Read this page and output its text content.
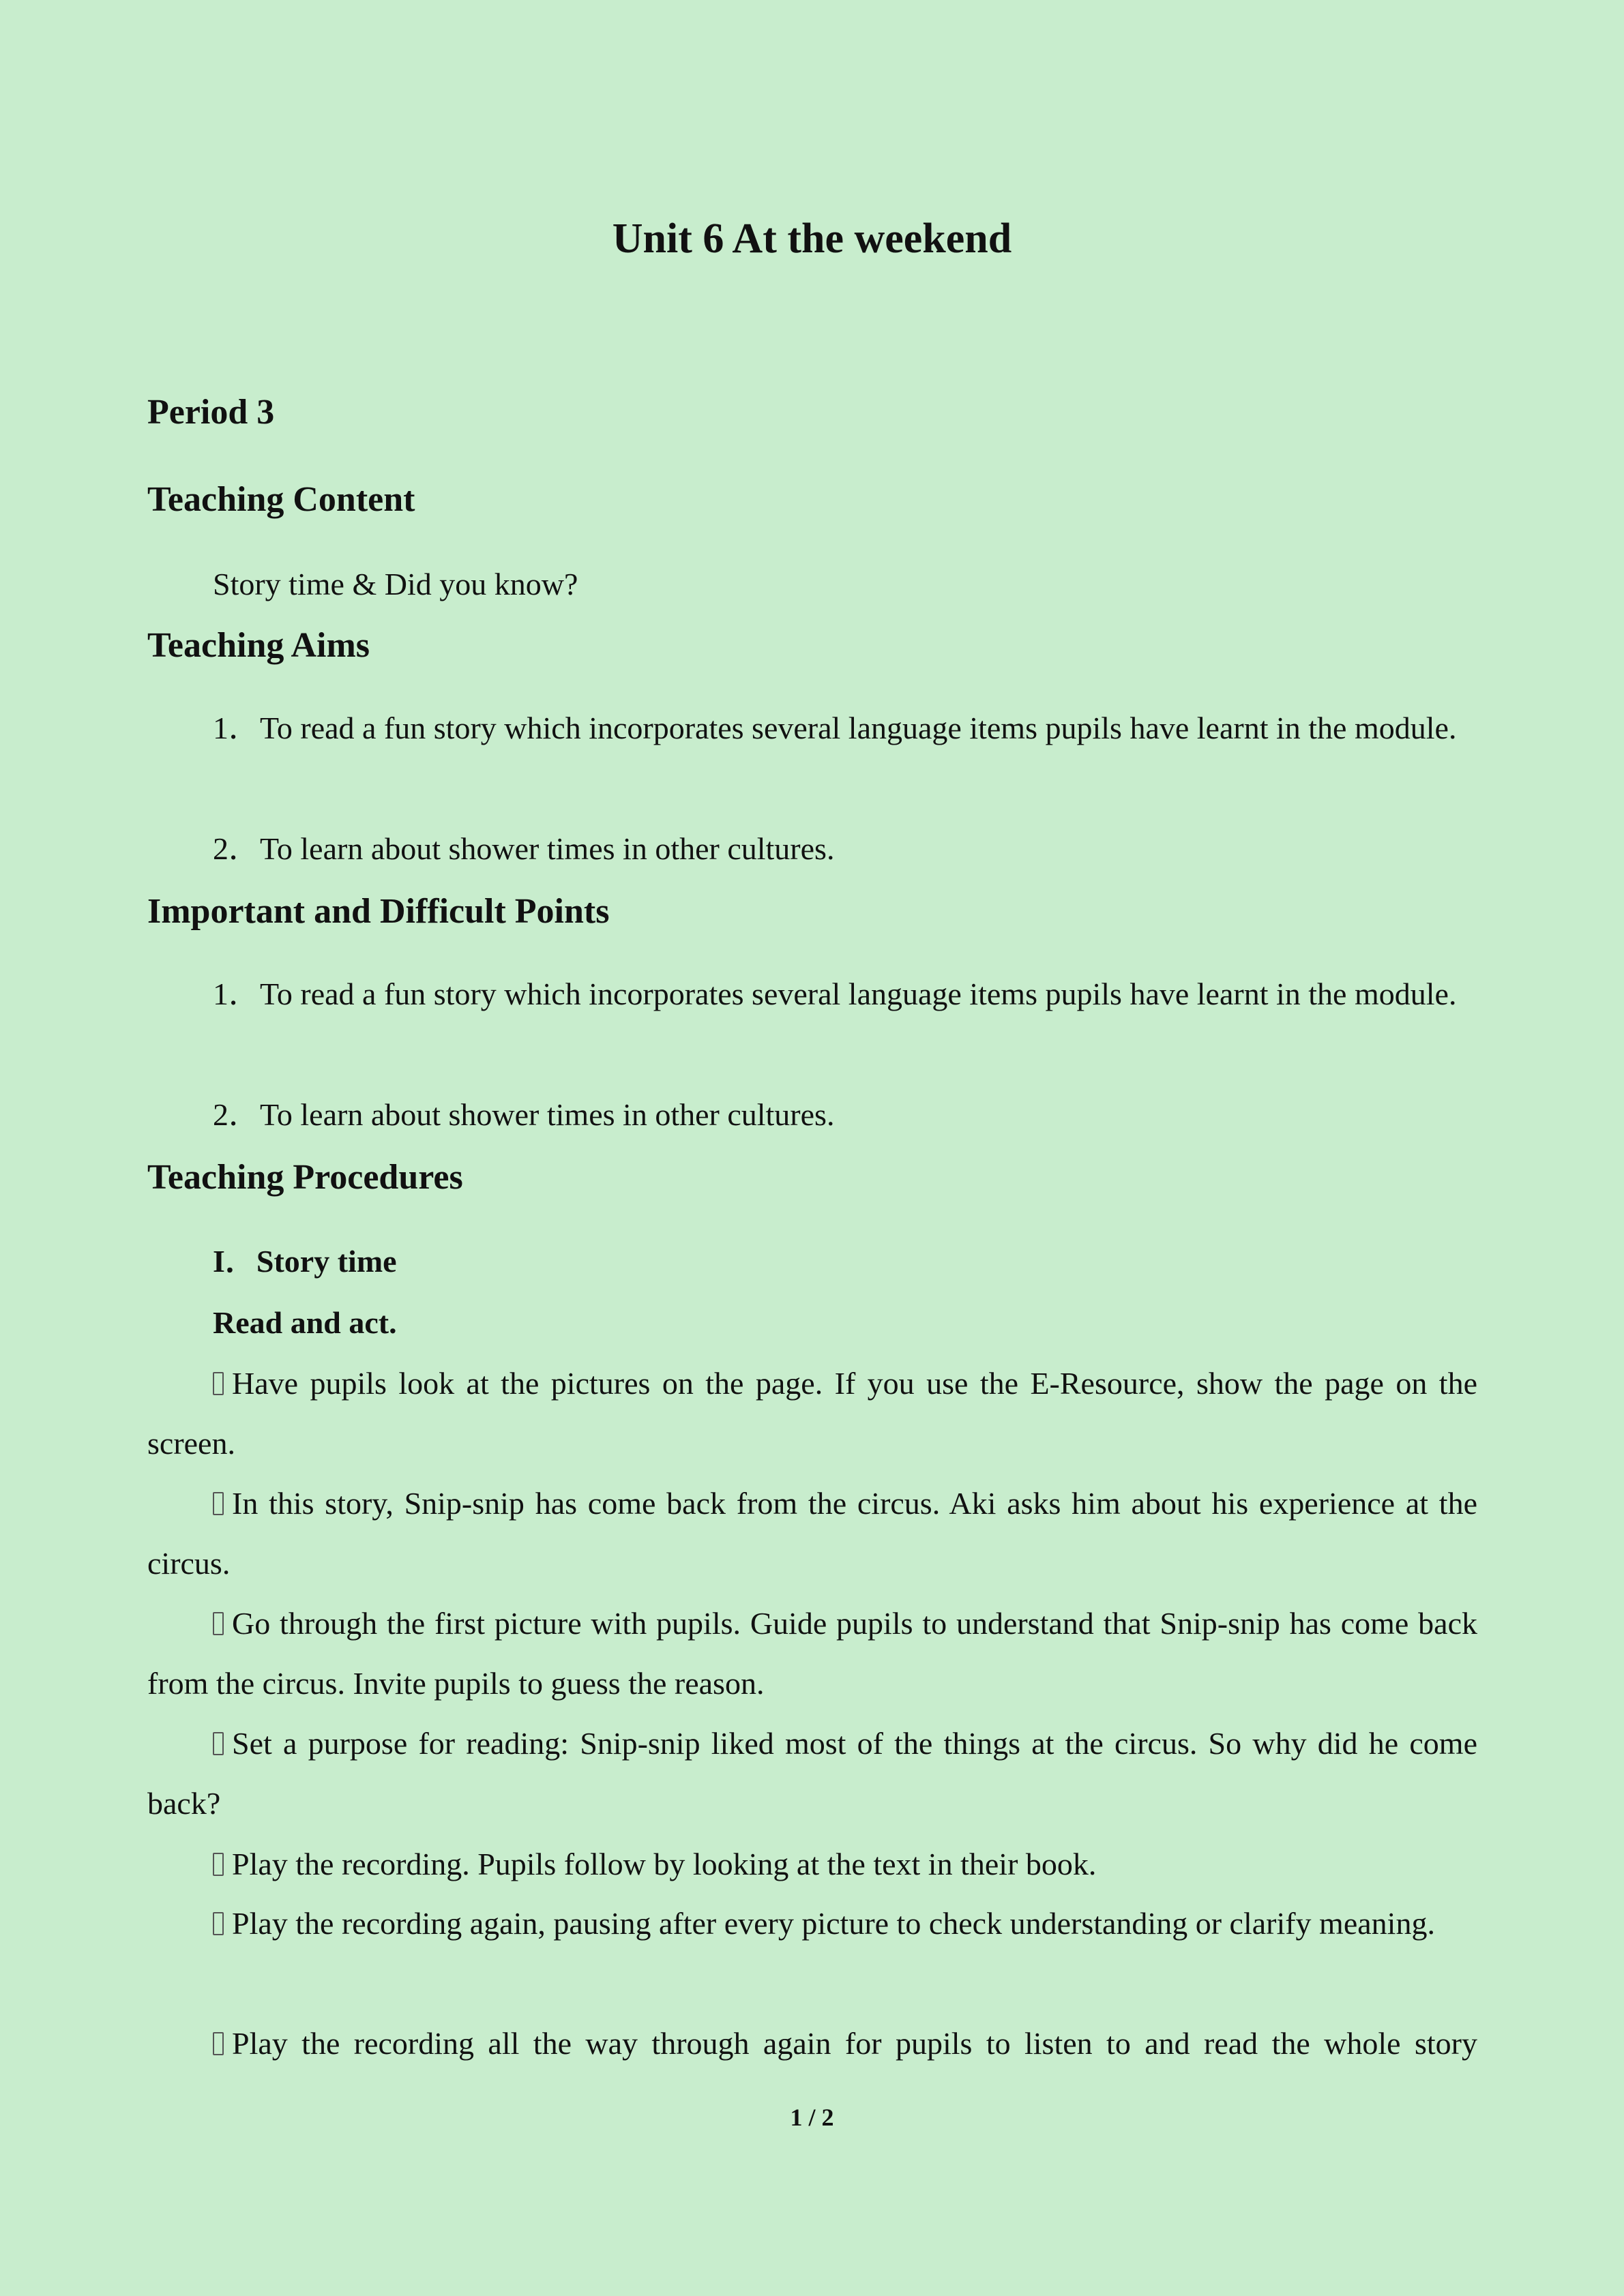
Unit 6 At the weekend
Period 3
Teaching Content

Story time & Did you know?

Teaching Aims

1．To read a fun story which incorporates several language items pupils have learnt in the module.

2．To learn about shower times in other cultures.

Important and Difficult Points

1．To read a fun story which incorporates several language items pupils have learnt in the module.

2．To learn about shower times in other cultures.

Teaching Procedures
I．Story time
Read and act.

Have pupils look at the pictures on the page. If you use the E-Resource, show the page on the screen.

In this story, Snip-snip has come back from the circus. Aki asks him about his experience at the circus.

Go through the first picture with pupils. Guide pupils to understand that Snip-snip has come back from the circus. Invite pupils to guess the reason.

Set a purpose for reading: Snip-snip liked most of the things at the circus. So why did he come back?

Play the recording. Pupils follow by looking at the text in their book.

Play the recording again, pausing after every picture to check understanding or clarify meaning.

Play the recording all the way through again for pupils to listen to and read the whole story

1 / 2
